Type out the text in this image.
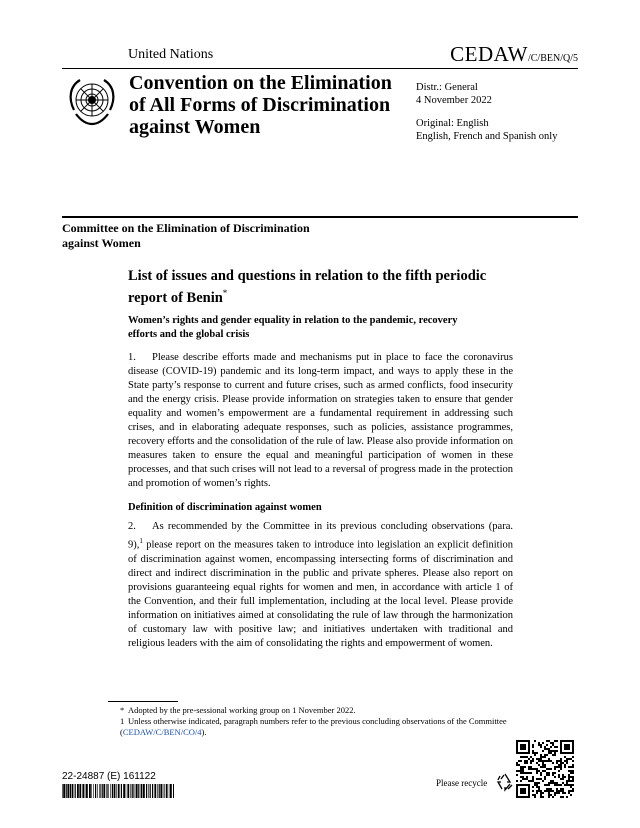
United Nations	CEDAW/C/BEN/Q/5
Convention on the Elimination
of All Forms of Discrimination
against Women
Distr.: General
4 November 2022
Original: English
English, French and Spanish only
Committee on the Elimination of Discrimination
against Women
List of issues and questions in relation to the fifth periodic
report of Benin*
Women’s rights and gender equality in relation to the pandemic, recovery
efforts and the global crisis
1. Please describe efforts made and mechanisms put in place to face the coronavirus disease (COVID-19) pandemic and its long-term impact, and ways to apply these in the State party’s response to current and future crises, such as armed conflicts, food insecurity and the energy crisis. Please provide information on strategies taken to ensure that gender equality and women’s empowerment are a fundamental requirement in addressing such crises, and in elaborating adequate responses, such as policies, assistance programmes, recovery efforts and the consolidation of the rule of law. Please also provide information on measures taken to ensure the equal and meaningful participation of women in these processes, and that such crises will not lead to a reversal of progress made in the protection and promotion of women’s rights.
Definition of discrimination against women
2. As recommended by the Committee in its previous concluding observations (para. 9),$^1$ please report on the measures taken to introduce into legislation an explicit definition of discrimination against women, encompassing intersecting forms of discrimination and direct and indirect discrimination in the public and private spheres. Please also report on provisions guaranteeing equal rights for women and men, in accordance with article 1 of the Convention, and their full implementation, including at the local level. Please provide information on initiatives aimed at consolidating the rule of law through the harmonization of customary law with positive law; and initiatives undertaken with traditional and religious leaders with the aim of consolidating the rights and empowerment of women.
* Adopted by the pre-sessional working group on 1 November 2022.
1 Unless otherwise indicated, paragraph numbers refer to the previous concluding observations of the Committee (CEDAW/C/BEN/CO/4).
Please recycle
22-24887 (E) 161122
